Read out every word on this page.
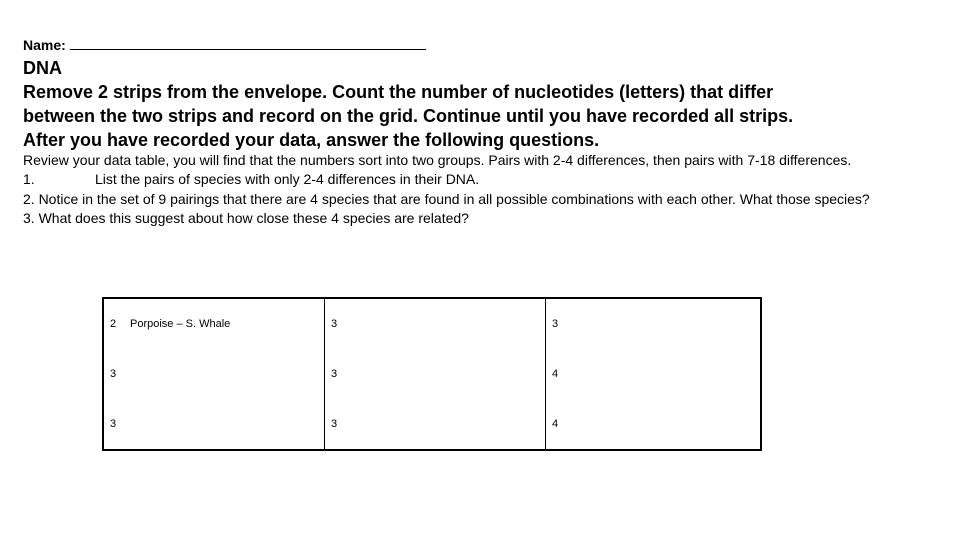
Name:
DNA
Remove 2 strips from the envelope. Count the number of nucleotides (letters) that differ
between the two strips and record on the grid. Continue until you have recorded all strips.
After you have recorded your data, answer the following questions.
Review your data table, you will find that the numbers sort into two groups. Pairs with 2-4 differences, then pairs with 7-18 differences.
1.	List the pairs of species with only 2-4 differences in their DNA.
2. Notice in the set of 9 pairings that there are 4 species that are found in all possible combinations with each other. What those species?
3. What does this suggest about how close these 4 species are related?
2 Porpoise – S. Whale	3	3
3	3	4
3	3	4
